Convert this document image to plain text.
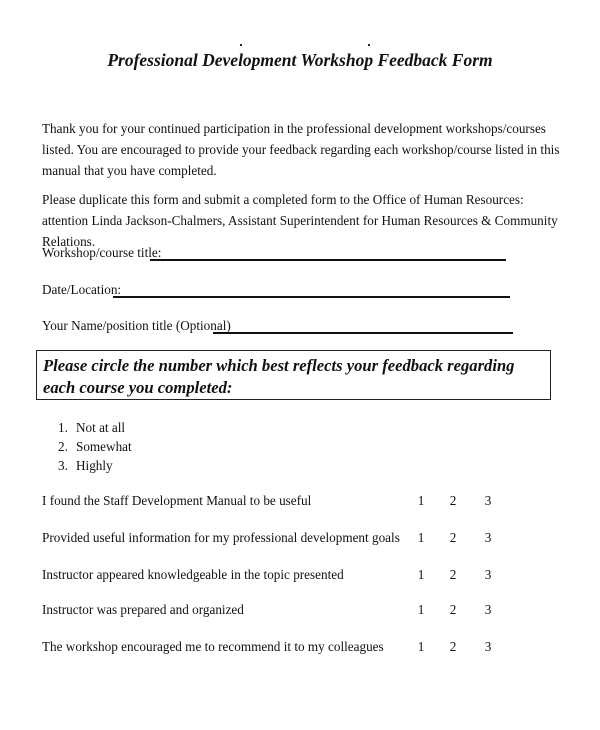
Professional Development Workshop Feedback Form
Thank you for your continued participation in the professional development workshops/courses listed. You are encouraged to provide your feedback regarding each workshop/course listed in this manual that you have completed.
Please duplicate this form and submit a completed form to the Office of Human Resources: attention Linda Jackson-Chalmers, Assistant Superintendent for Human Resources & Community Relations.
Workshop/course title:
Date/Location:
Your Name/position title (Optional)
Please circle the number which best reflects your feedback regarding each course you completed:
1. Not at all
2. Somewhat
3. Highly
I found the Staff Development Manual to be useful	1 2 3
Provided useful information for my professional development goals 1 2 3
Instructor appeared knowledgeable in the topic presented	1 2 3
Instructor was prepared and organized	1 2 3
The workshop encouraged me to recommend it to my colleagues	1 2 3
